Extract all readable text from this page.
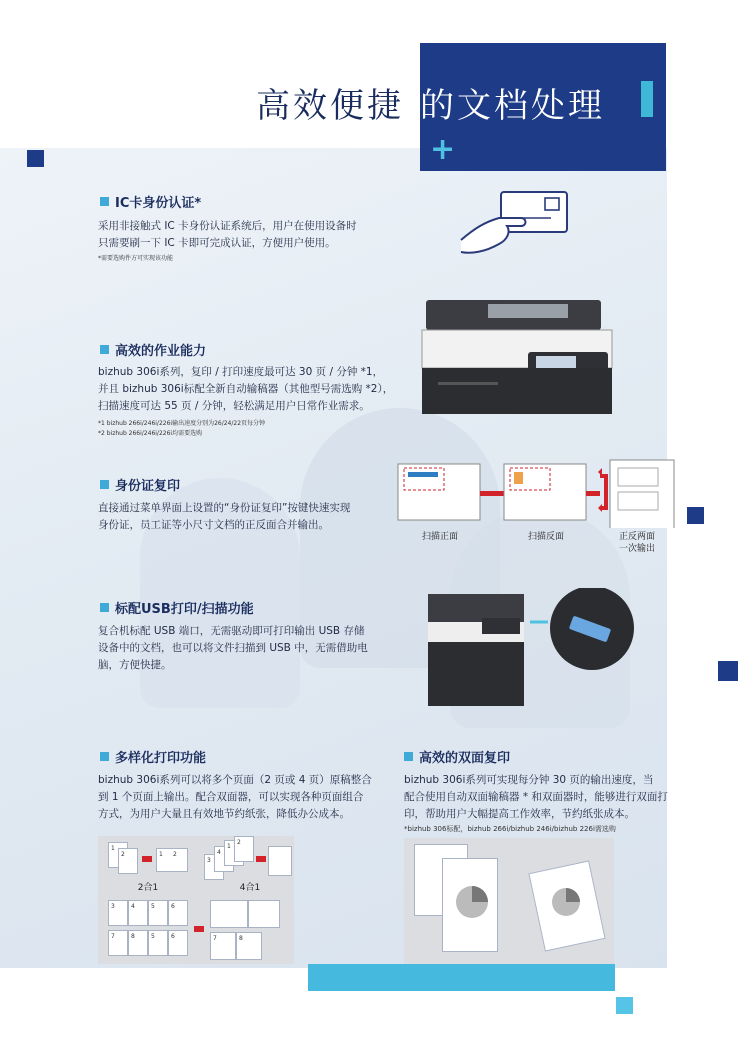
高效便捷 的文档处理
+
IC卡身份认证*
采用非接触式 IC 卡身份认证系统后，用户在使用设备时
只需要刷一下 IC 卡即可完成认证，方便用户使用。
*需要选购件方可实现该功能
高效的作业能力
bizhub 306i系列，复印 / 打印速度最可达 30 页 / 分钟 *1，
并且 bizhub 306i标配全新自动输稿器（其他型号需选购 *2），
扫描速度可达 55 页 / 分钟，轻松满足用户日常作业需求。
*1 bizhub 266i/246i/226i输出速度分别为26/24/22页每分钟
*2 bizhub 266i/246i/226i均需要选购
身份证复印
直接通过菜单界面上设置的“身份证复印”按键快速实现
身份证，员工证等小尺寸文档的正反面合并输出。
扫描正面	扫描反面	正反两面
一次输出
标配USB打印/扫描功能
复合机标配 USB 端口，无需驱动即可打印输出 USB 存储
设备中的文档，也可以将文件扫描到 USB 中，无需借助电
脑，方便快捷。
多样化打印功能
bizhub 306i系列可以将多个页面（2 页或 4 页）原稿整合
到 1 个页面上输出。配合双面器，可以实现各种页面组合
方式，为用户大量且有效地节约纸张，降低办公成本。
1
2	1 2
3
4
1
2
2合1	4合1
3	4	5	6
7	8	5	6	7	8
高效的双面复印
bizhub 306i系列可实现每分钟 30 页的输出速度，当
配合使用自动双面输稿器 * 和双面器时，能够进行双面打
印，帮助用户大幅提高工作效率，节约纸张成本。
*bizhub 306标配，bizhub 266i/bizhub 246i/bizhub 226i需选购
